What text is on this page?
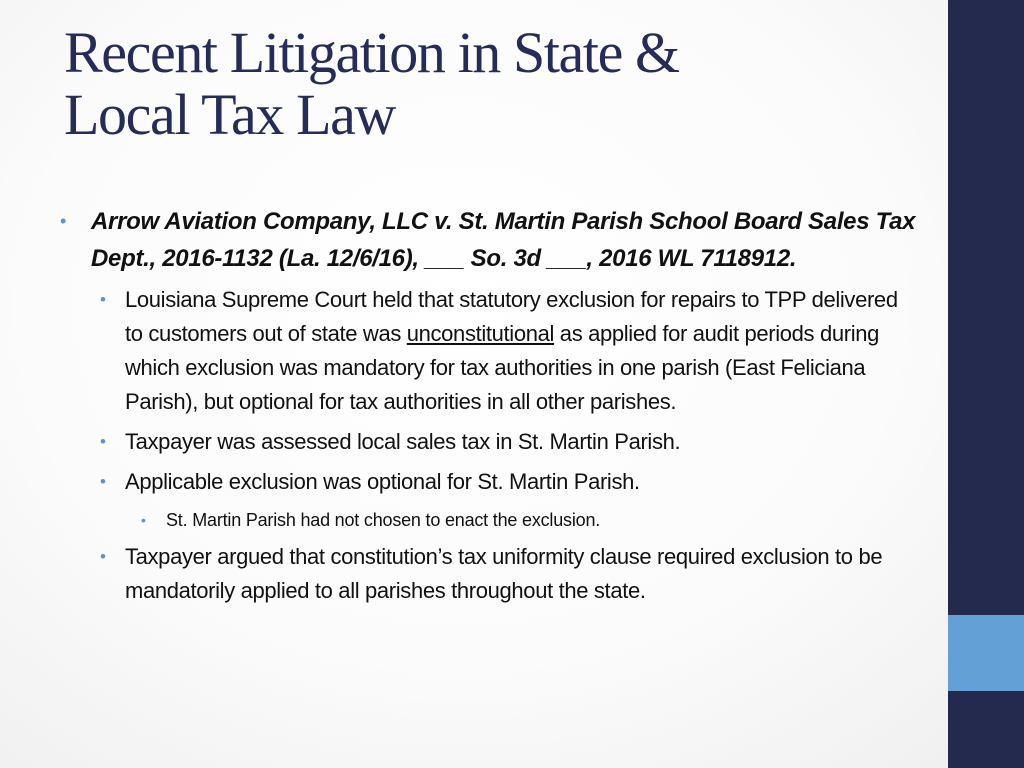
Recent Litigation in State &
Local Tax Law
• Arrow Aviation Company, LLC v. St. Martin Parish School Board Sales Tax Dept., 2016-1132 (La. 12/6/16), ___ So. 3d ___, 2016 WL 7118912.
• Louisiana Supreme Court held that statutory exclusion for repairs to TPP delivered to customers out of state was unconstitutional as applied for audit periods during which exclusion was mandatory for tax authorities in one parish (East Feliciana Parish), but optional for tax authorities in all other parishes.
• Taxpayer was assessed local sales tax in St. Martin Parish.
• Applicable exclusion was optional for St. Martin Parish.
• St. Martin Parish had not chosen to enact the exclusion.
• Taxpayer argued that constitution’s tax uniformity clause required exclusion to be mandatorily applied to all parishes throughout the state.
